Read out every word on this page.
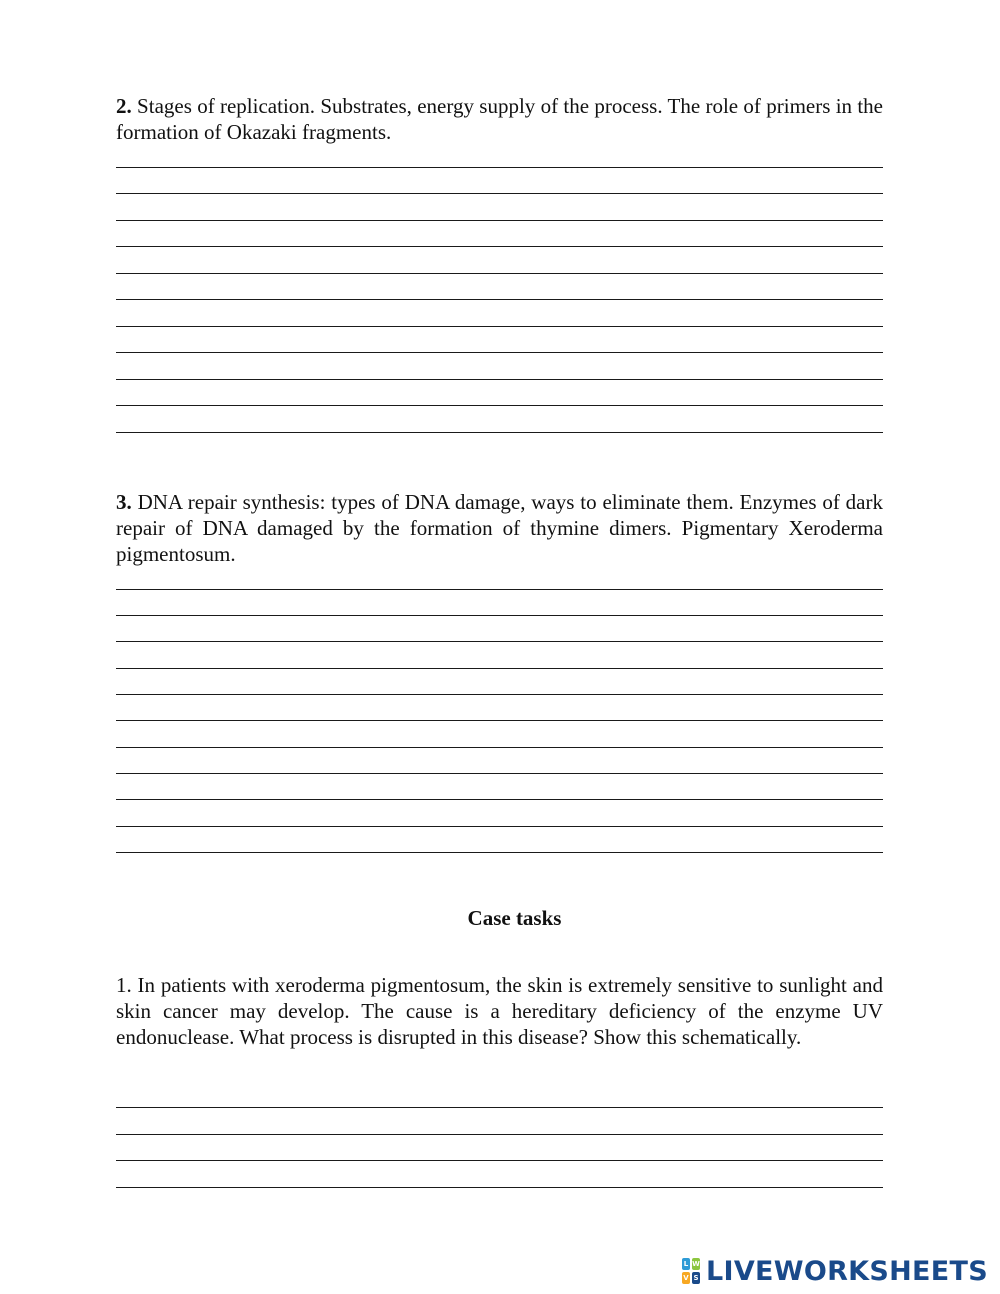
2. Stages of replication. Substrates, energy supply of the process. The role of primers in the formation of Okazaki fragments.

3. DNA repair synthesis: types of DNA damage, ways to eliminate them. Enzymes of dark repair of DNA damaged by the formation of thymine dimers. Pigmentary Xeroderma pigmentosum.

Case tasks

1. In patients with xeroderma pigmentosum, the skin is extremely sensitive to sunlight and skin cancer may develop. The cause is a hereditary deficiency of the enzyme UV endonuclease. What process is disrupted in this disease? Show this schematically.

L W
V S LIVEWORKSHEETS
